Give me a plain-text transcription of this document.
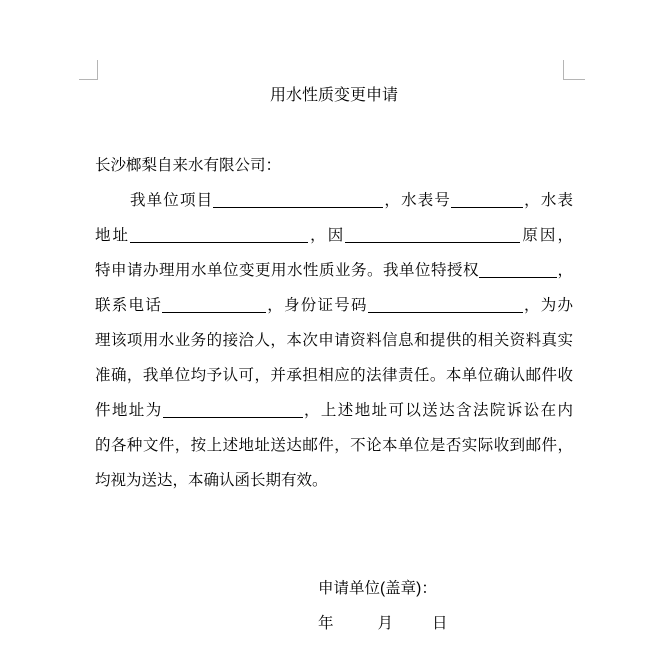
用水性质变更申请
长沙榔梨自来水有限公司：
我单位项目	，水表号	，水表
地址	，因	原因，
特申请办理用水单位变更用水性质业务。我单位特授权	，
联系电话	，身份证号码	，为办
理该项用水业务的接洽人，本次申请资料信息和提供的相关资料真实
准确，我单位均予认可，并承担相应的法律责任。本单位确认邮件收
件地址为	，上述地址可以送达含法院诉讼在内
的各种文件，按上述地址送达邮件，不论本单位是否实际收到邮件，
均视为送达，本确认函长期有效。
申请单位(盖章)：
年	月	日
